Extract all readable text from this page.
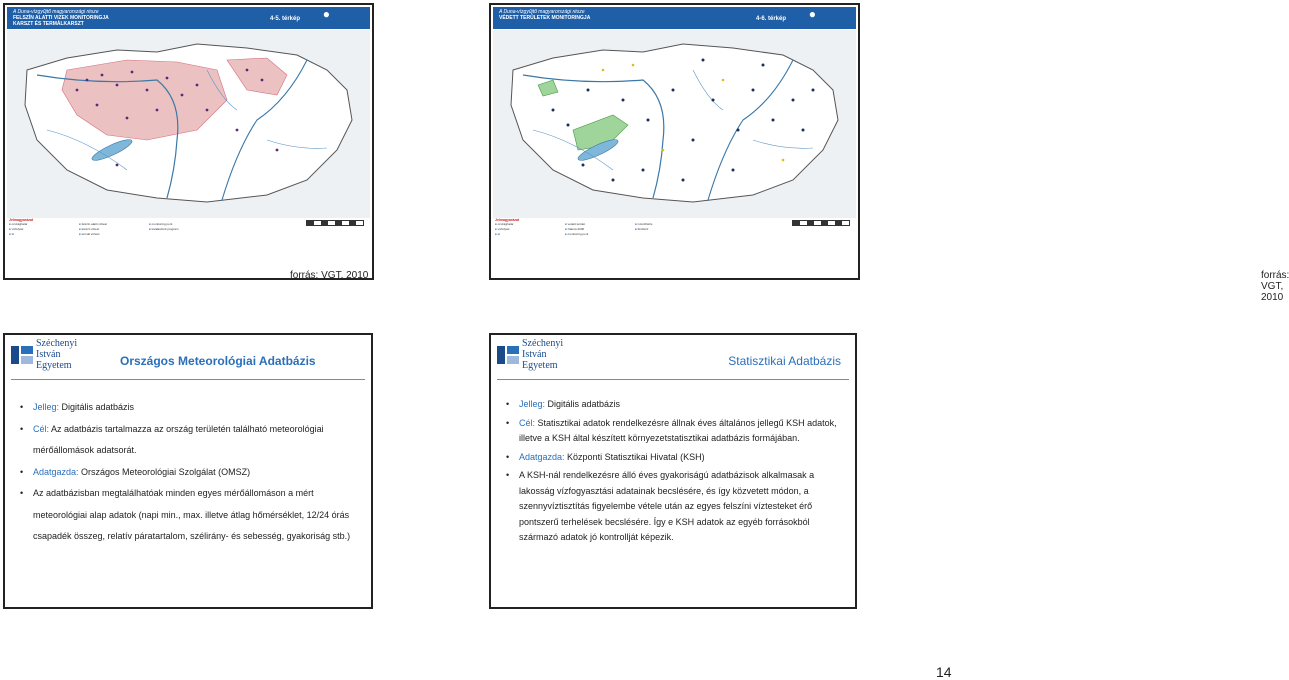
A Duna-vízgyűjtő magyarországi része
FELSZÍN ALATTI VIZEK MONITORINGJA
KARSZT ÉS TERMÁLKARSZT
4-5. térkép ●
Jelmagyarázat
■ országhatár
■ vízfolyás
■ tó
■ felszín alatti víztest
■ karszt víztest
■ termál víztest
■ monitoring pont
■ kiválasztott program
forrás: VGT, 2010
A Duna-vízgyűjtő magyarországi része
VÉDETT TERÜLETEK MONITORINGJA	4-6. térkép ●
Jelmagyarázat
■ országhatár
■ vízfolyás
■ tó
■ védett terület
■ Natura 2000
■ monitoring pont
■ ivóvízbázis
■ fürdővíz
forrás: VGT, 2010
Széchenyi
István
Egyetem	Országos Meteorológiai Adatbázis
• Jelleg: Digitális adatbázis
• Cél: Az adatbázis tartalmazza az ország területén található meteorológiai mérőállomások adatsorát.
• Adatgazda: Országos Meteorológiai Szolgálat (OMSZ)
• Az adatbázisban megtalálhatóak minden egyes mérőállomáson a mért meteorológiai alap adatok (napi min., max. illetve átlag hőmérséklet, 12/24 órás csapadék összeg, relatív páratartalom, szélirány- és sebesség, gyakoriság stb.)
Széchenyi
István
Egyetem	Statisztikai Adatbázis
• Jelleg: Digitális adatbázis
• Cél: Statisztikai adatok rendelkezésre állnak éves általános jellegű KSH adatok, illetve a KSH által készített környezetstatisztikai adatbázis formájában.
• Adatgazda: Központi Statisztikai Hivatal (KSH)
• A KSH-nál rendelkezésre álló éves gyakoriságú adatbázisok alkalmasak a lakosság vízfogyasztási adatainak becslésére, és így közvetett módon, a szennyvíztisztítás figyelembe vétele után az egyes felszíni víztesteket érő pontszerű terhelések becslésére. Így e KSH adatok az egyéb forrásokból származó adatok jó kontrollját képezik.
14
